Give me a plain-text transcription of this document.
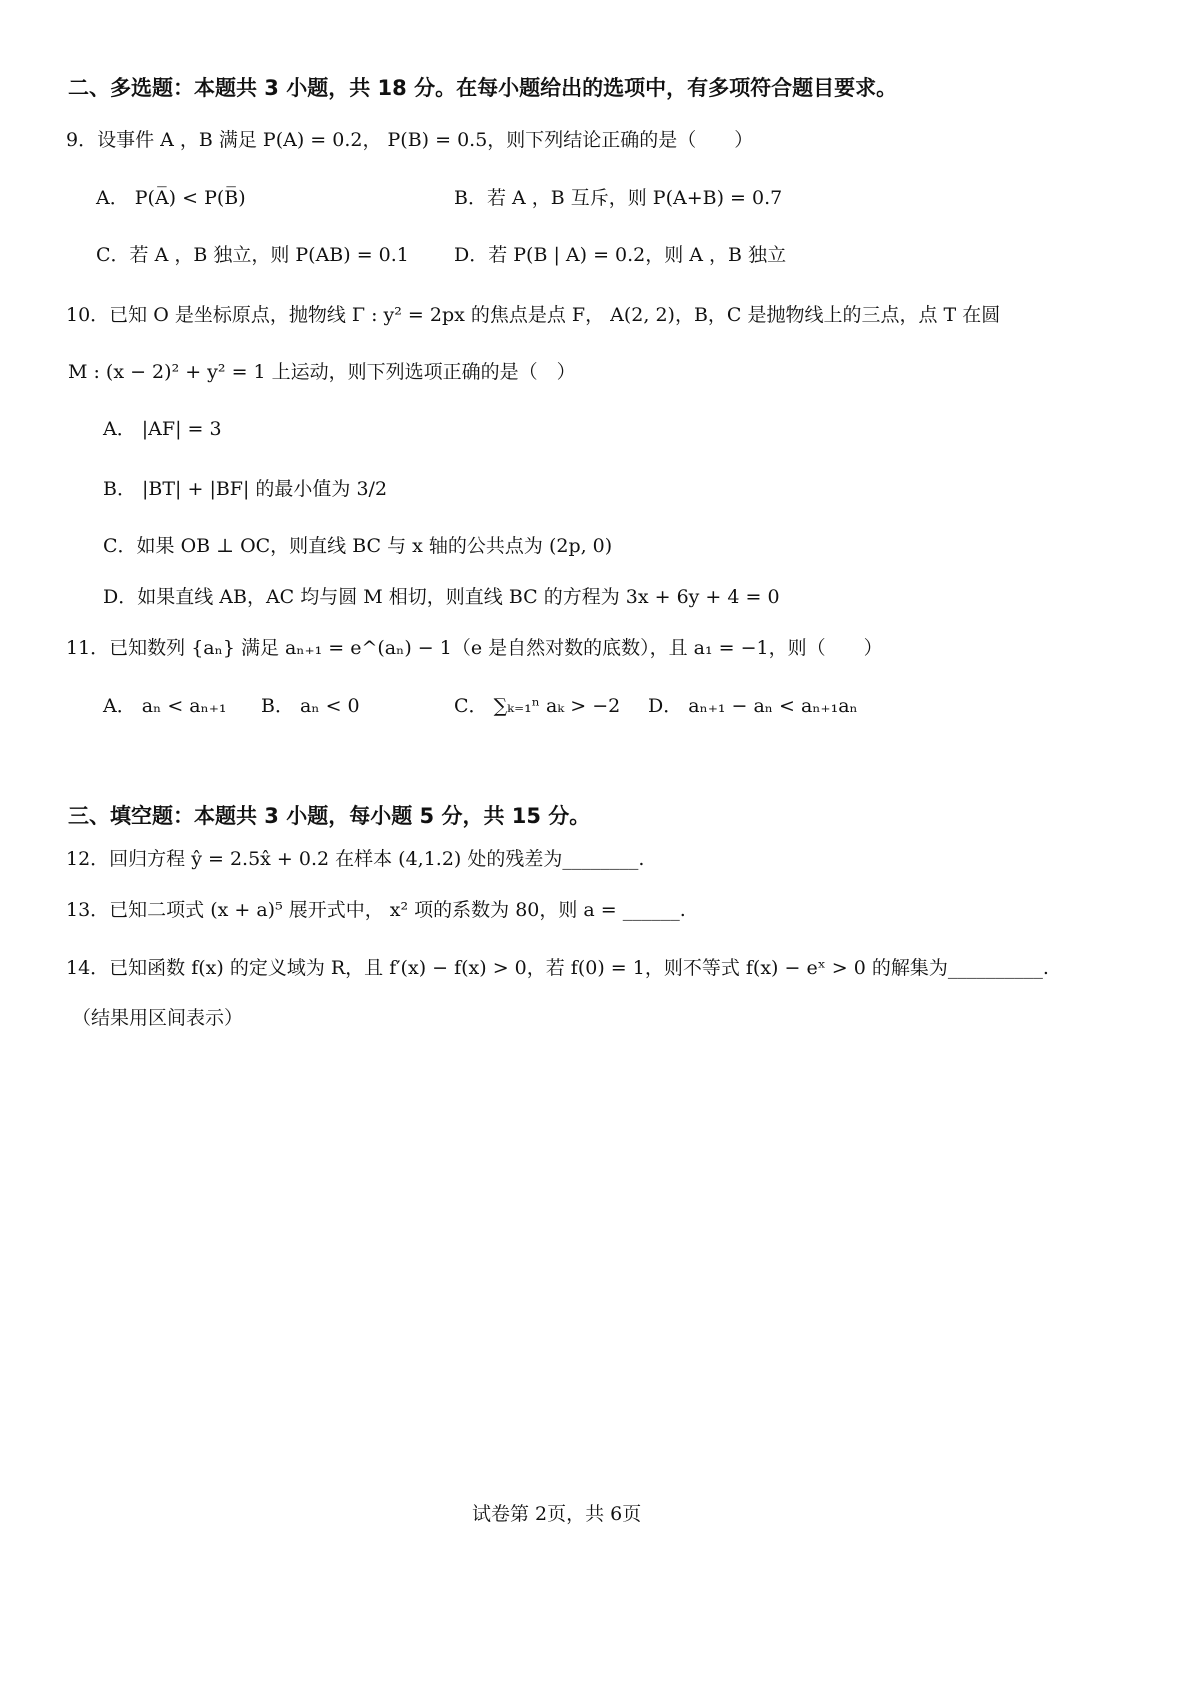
二、多选题：本题共 3 小题，共 18 分。在每小题给出的选项中，有多项符合题目要求。
9．设事件 A ，B 满足 P(A) = 0.2， P(B) = 0.5，则下列结论正确的是（　　）
A． P(A̅) < P(B̅)	B．若 A ，B 互斥，则 P(A+B) = 0.7
C．若 A ，B 独立，则 P(AB) = 0.1 D．若 P(B | A) = 0.2，则 A ，B 独立
10．已知 O 是坐标原点，抛物线 Γ : y² = 2px 的焦点是点 F， A(2, 2)，B，C 是抛物线上的三点，点 T 在圆
M : (x − 2)² + y² = 1 上运动，则下列选项正确的是（　）
A． |AF| = 3
B． |BT| + |BF| 的最小值为 3/2
C．如果 OB ⊥ OC，则直线 BC 与 x 轴的公共点为 (2p, 0)
D．如果直线 AB，AC 均与圆 M 相切，则直线 BC 的方程为 3x + 6y + 4 = 0
11．已知数列 {aₙ} 满足 aₙ₊₁ = e^(aₙ) − 1（e 是自然对数的底数），且 a₁ = −1，则（　　）
A． aₙ < aₙ₊₁ B． aₙ < 0	C． ∑ₖ₌₁ⁿ aₖ > −2 D． aₙ₊₁ − aₙ < aₙ₊₁aₙ
三、填空题：本题共 3 小题，每小题 5 分，共 15 分。
12．回归方程 ŷ = 2.5x̂ + 0.2 在样本 (4,1.2) 处的残差为________.
13．已知二项式 (x + a)⁵ 展开式中， x² 项的系数为 80，则 a = ______.
14．已知函数 f(x) 的定义域为 R，且 f′(x) − f(x) > 0，若 f(0) = 1，则不等式 f(x) − eˣ > 0 的解集为__________.
（结果用区间表示）
试卷第 2页，共 6页
